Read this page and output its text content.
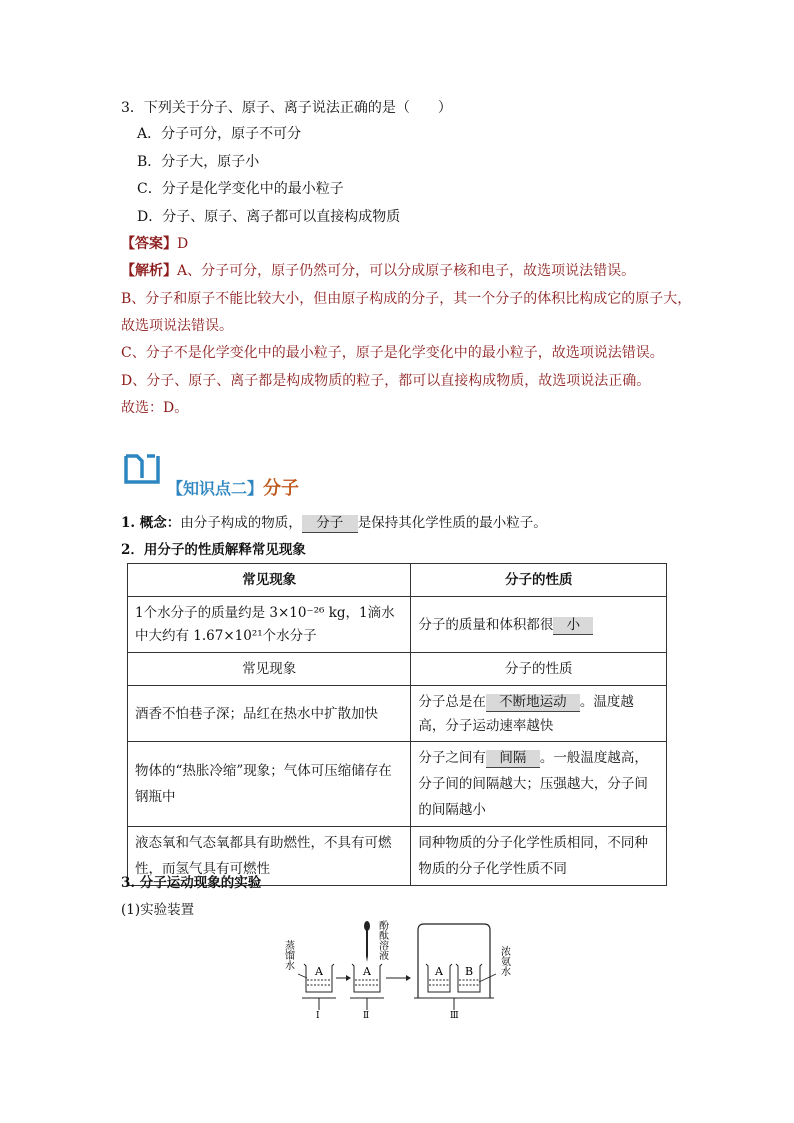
3．下列关于分子、原子、离子说法正确的是（　　）
A．分子可分，原子不可分
B．分子大，原子小
C．分子是化学变化中的最小粒子
D．分子、原子、离子都可以直接构成物质
【答案】D
【解析】A、分子可分，原子仍然可分，可以分成原子核和电子，故选项说法错误。
B、分子和原子不能比较大小，但由原子构成的分子，其一个分子的体积比构成它的原子大，
故选项说法错误。
C、分子不是化学变化中的最小粒子，原子是化学变化中的最小粒子，故选项说法错误。
D、分子、原子、离子都是构成物质的粒子，都可以直接构成物质，故选项说法正确。
故选：D。
【知识点二】分子
1. 概念：由分子构成的物质， 分子 是保持其化学性质的最小粒子。
2．用分子的性质解释常见现象
常见现象	分子的性质
1个水分子的质量约是 3×10⁻²⁶ kg，1滴水中大约有 1.67×10²¹个水分子	分子的质量和体积都很 小
常见现象	分子的性质
酒香不怕巷子深；品红在热水中扩散加快	分子总是在 不断地运动 。温度越高，分子运动速率越快
物体的“热胀冷缩”现象；气体可压缩储存在钢瓶中	分子之间有 间隔 。一般温度越高，分子间的间隔越大；压强越大，分子间的间隔越小
液态氧和气态氧都具有助燃性，不具有可燃性，而氢气具有可燃性	同种物质的分子化学性质相同，不同种物质的分子化学性质不同
3. 分子运动现象的实验
(1)实验装置
蒸馏水	酚酞溶液
浓氨水
A
Ⅰ
A
Ⅱ
A B
Ⅲ
